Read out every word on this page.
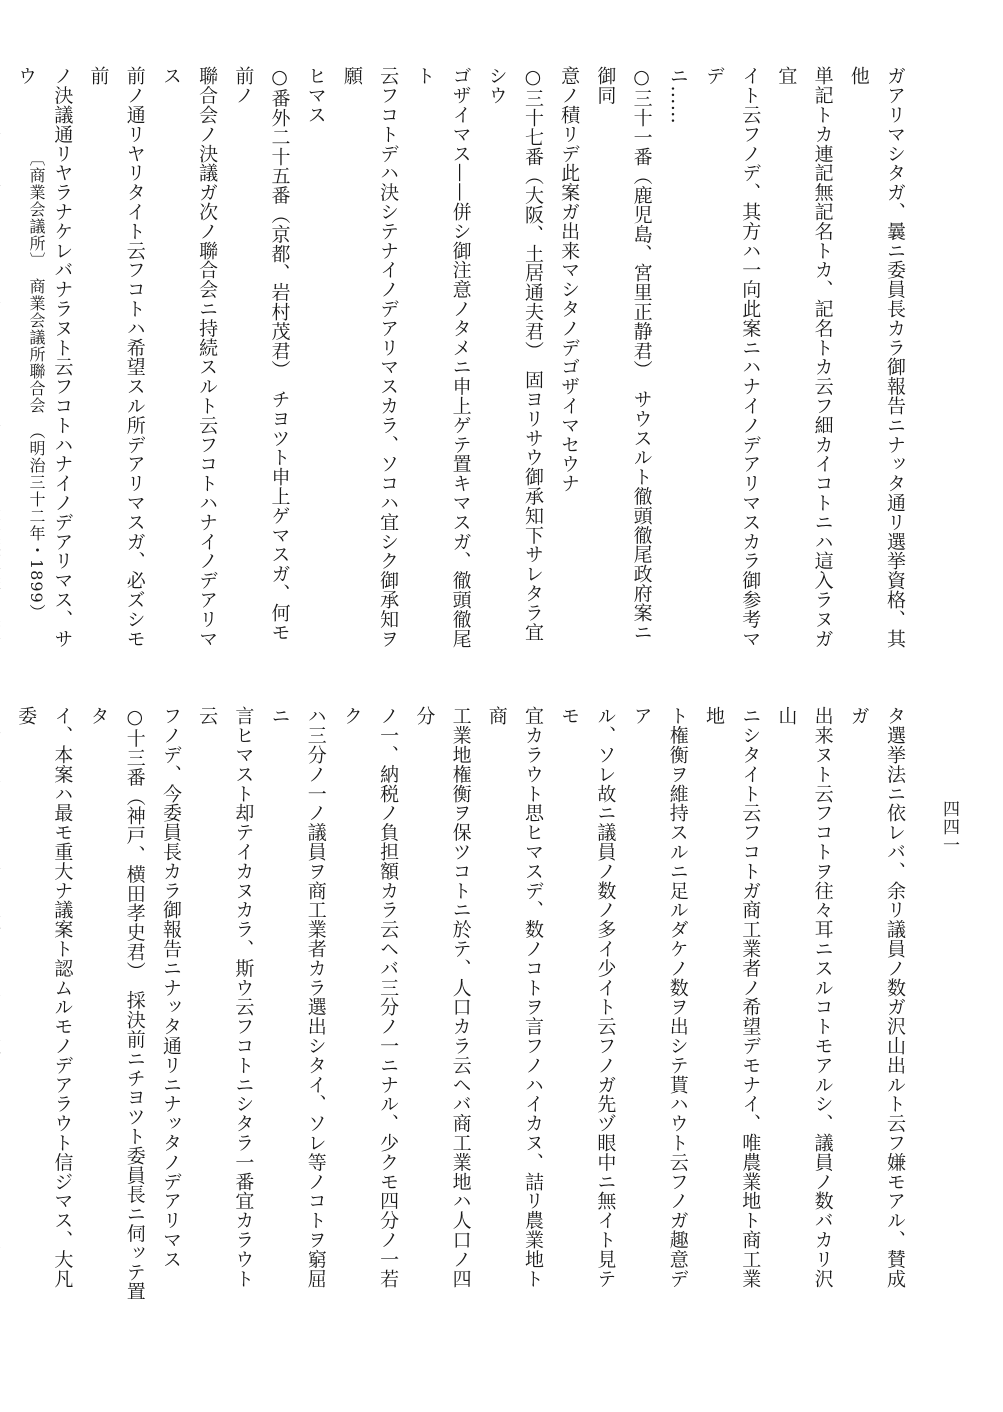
ガアリマシタガ、曩ニ委員長カラ御報告ニナッタ通リ選挙資格、其他
単記トカ連記無記名トカ、記名トカ云フ細カイコトニハ這入ラヌガ宜
イト云フノデ、其方ハ一向此案ニハナイノデアリマスカラ御参考マデ
ニ……
○三十一番（鹿児島、宮里正静君）　サウスルト徹頭徹尾政府案ニ御同
意ノ積リデ此案ガ出来マシタノデゴザイマセウナ
○三十七番（大阪、土居通夫君）　固ヨリサウ御承知下サレタラ宜シウ
ゴザイマス——併シ御注意ノタメニ申上ゲテ置キマスガ、徹頭徹尾ト
云フコトデハ決シテナイノデアリマスカラ、ソコハ宜シク御承知ヲ願
ヒマス
○番外二十五番（京都、岩村茂君）　チヨツト申上ゲマスガ、何モ前ノ
聯合会ノ決議ガ次ノ聯合会ニ持続スルト云フコトハナイノデアリマス
前ノ通リヤリタイト云フコトハ希望スル所デアリマスガ、必ズシモ前
ノ決議通リヤラナケレバナラヌト云フコトハナイノデアリマス、サウ
タ選挙法ニ依レバ、余リ議員ノ数ガ沢山出ルト云フ嫌モアル、賛成ガ
出来ヌト云フコトヲ往々耳ニスルコトモアルシ、議員ノ数バカリ沢山
ニシタイト云フコトガ商工業者ノ希望デモナイ、唯農業地ト商工業地
ト権衡ヲ維持スルニ足ルダケノ数ヲ出シテ貰ハウト云フノガ趣意デア
ル、ソレ故ニ議員ノ数ノ多イ少イト云フノガ先ヅ眼中ニ無イト見テモ
宜カラウト思ヒマスデ、数ノコトヲ言フノハイカヌ、詰リ農業地ト商
工業地権衡ヲ保ツコトニ於テ、人口カラ云ヘバ商工業地ハ人口ノ四分
ノ一、納税ノ負担額カラ云ヘバ三分ノ一ニナル、少クモ四分ノ一若ク
ハ三分ノ一ノ議員ヲ商工業者カラ選出シタイ、ソレ等ノコトヲ窮屈ニ
言ヒマスト却テイカヌカラ、斯ウ云フコトニシタラ一番宜カラウト云
フノデ、今委員長カラ御報告ニナッタ通リニナッタノデアリマス
○十三番（神戸、横田孝史君）　採決前ニチヨツト委員長ニ伺ッテ置タ
イ、本案ハ最モ重大ナ議案ト認ムルモノデアラウト信ジマス、大凡委
〔商業会議所〕　商業会議所聯合会　（明治三十二年・1899）
四四一
